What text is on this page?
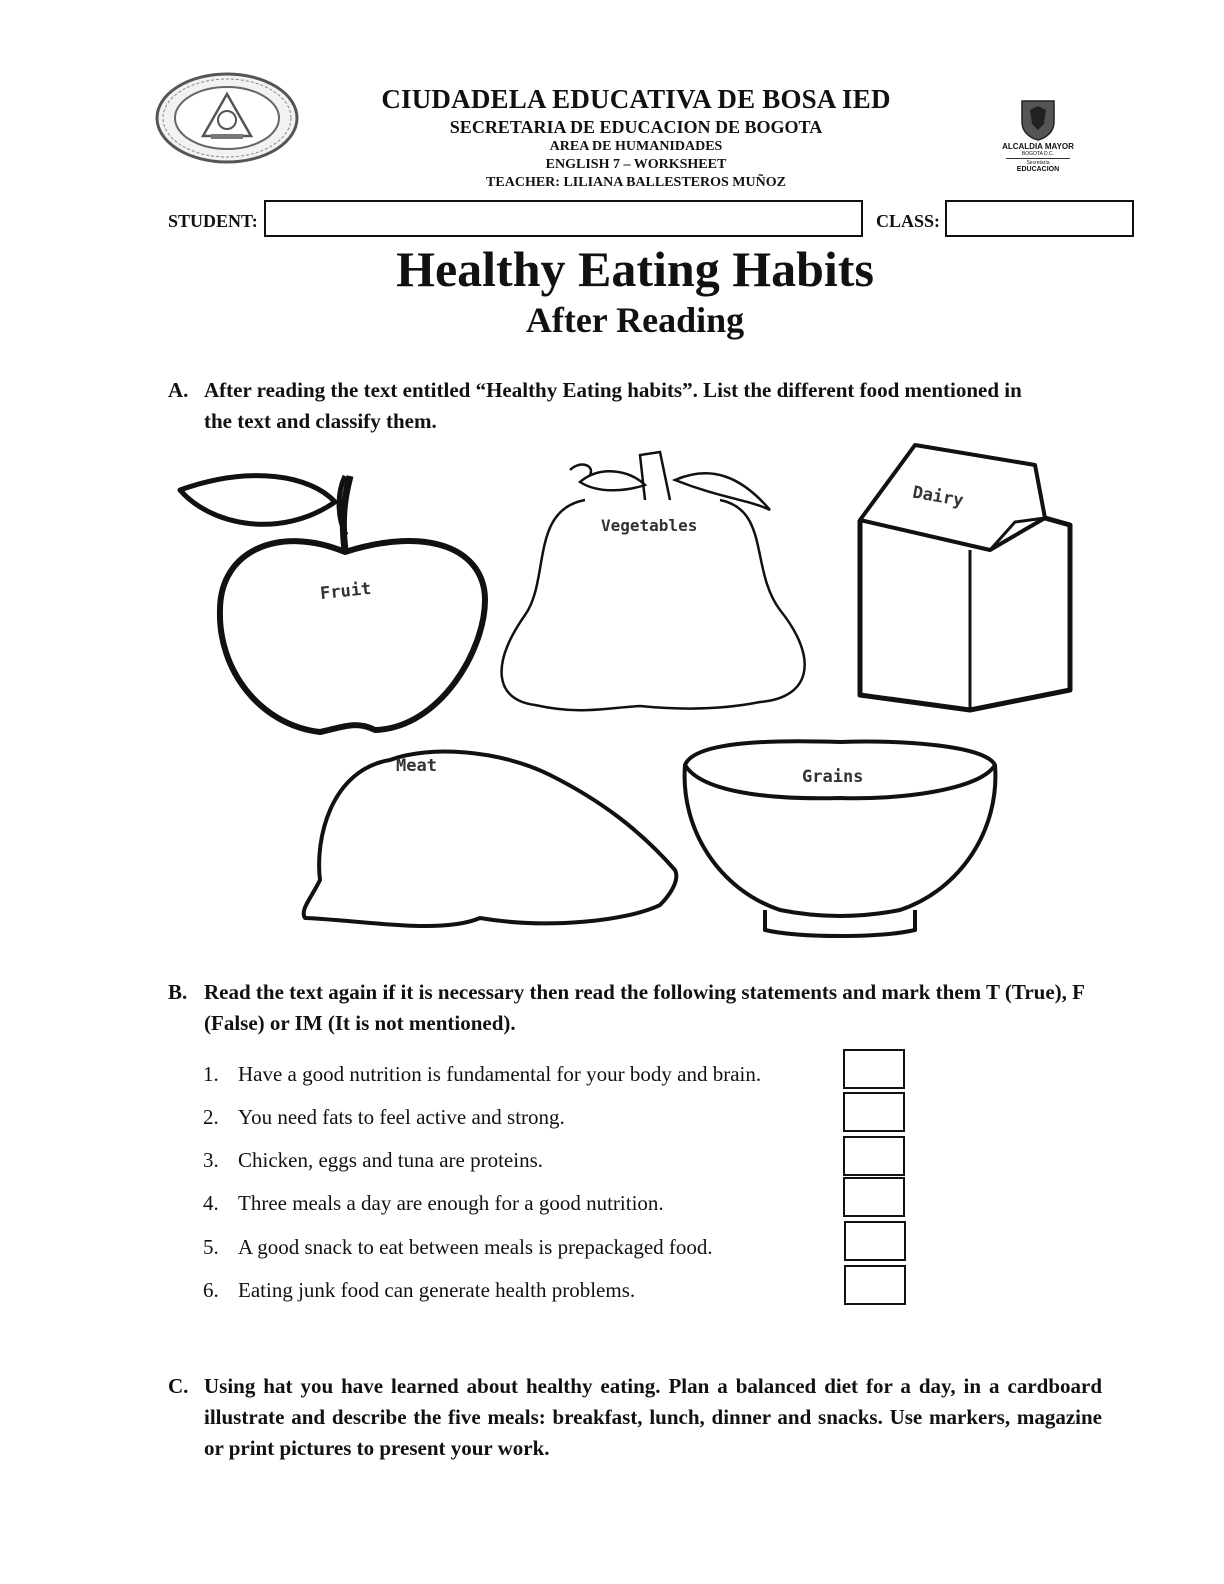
CIUDADELA EDUCATIVA DE BOSA IED
SECRETARIA DE EDUCACION DE BOGOTA
AREA DE HUMANIDADES
ENGLISH 7 – WORKSHEET
TEACHER: LILIANA BALLESTEROS MUÑOZ
ALCALDIA MAYOR
BOGOTA D.C.
Secretaría
EDUCACION
STUDENT:	CLASS:
Healthy Eating Habits
After Reading
A. After reading the text entitled “Healthy Eating habits”. List the different food mentioned in the text and classify them.
Fruit
Vegetables
Dairy
Meat
Grains
B. Read the text again if it is necessary then read the following statements and mark them T (True), F (False) or IM (It is not mentioned).
1. Have a good nutrition is fundamental for your body and brain.
2. You need fats to feel active and strong.
3. Chicken, eggs and tuna are proteins.
4. Three meals a day are enough for a good nutrition.
5. A good snack to eat between meals is prepackaged food.
6. Eating junk food can generate health problems.
C. Using hat you have learned about healthy eating. Plan a balanced diet for a day, in a cardboard illustrate and describe the five meals: breakfast, lunch, dinner and snacks. Use markers, magazine or print pictures to present your work.
